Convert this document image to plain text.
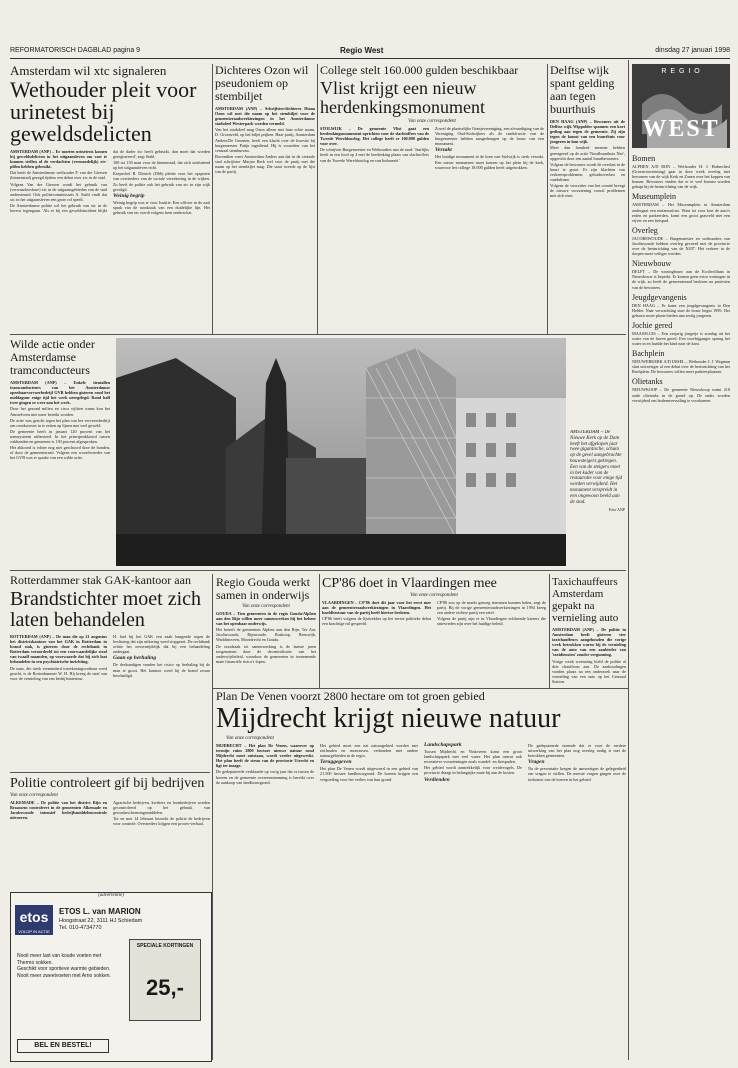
REFORMATORISCH DAGBLAD pagina 9	Regio West	dinsdag 27 januari 1998
Amsterdam wil xtc signaleren
Wethouder pleit voor urinetest bij geweldsdelicten

AMSTERDAM (ANP) – Er moeten urinetests komen bij geweldsdelicten in het uitgaansleven om vast te kunnen stellen of de verdachten (vermoedelijk) xtc-pillen hebben gebruikt.

Dat heeft de Amsterdamse wethouder F. van der Giessen (binnenstad) gezegd tijdens een debat over xtc in de stad.

Volgens Van der Giessen wordt het gebruik van (verwaarloosbare) xtc in de uitgaansgebieden van de stad ondersteund. Ook politiecommissaris A. Stahl vindt dat xtc in het uitgaansleven een grote rol speelt.

De Amsterdamse politie wil het gebruik van xtc in de horeca tegengaan. 'Als er bij een geweldsincident blijkt dat de dader xtc heeft gebruikt, dan moet dat worden geregistreerd', zegt Stahl.

100 tot 150 man voor de binnenstad, dat zich uitsluitend op het uitgaansleven richt.

Korpschef B. Dittrich (D66) pleitte voor het opsporen van overtreders van de sociale verzekering in de wijken. Zo heeft de politie ook het gebruik van xtc in zijn wijk gevolgd.

Weinig begrip

Weinig begrip was er voor Justitie. Een officier in de zaal sprak van de noodzaak van een duidelijke lijn. Het gebruik van xtc wordt volgens hem onderschat.

Dichteres Ozon wil pseudoniem op stembiljet

AMSTERDAM (ANP) – Schrijfster/dichteres Diana Ozon wil met die naam op het stembiljet voor de gemeenteraadsverkiezingen in het Amsterdamse stadsdeel Westerpark worden vermeld.

Van het stadsdeel mag Ozon alleen met haar echte naam, D. Groenveld, op het biljet prijken. Haar partij, Amsterdam Anders/De Groenen, heeft een klacht over de kwestie bij burgemeester Patijn ingediend. Hij is voorzitter van het centraal stembureau.

Bovendien voert Amsterdam Anders aan dat in de centrale stad schrijfster Marjan Berk wel voor de partij met die naam op het stembiljet mag. Die staat tweede op de lijst van de partij.

College stelt 160.000 gulden beschikbaar
Vlist krijgt een nieuw herdenkingsmonument
Van onze correspondent

STOLWIJK – De gemeente Vlist gaat een herdenkingsmonument oprichten voor de slachtoffers van de Tweede Wereldoorlog. Het college heeft er 160.000 gulden voor over.

De schrijven Burgemeester en Wethouders aan de raad: 'Jaarlijks heeft in een lood op 4 mei de herdenking plaats van slachtoffers van de Tweede Wereldoorlog en van Indonesië.'

Zowel de plaatselijke Oranjevereniging, een afvaardiging van de Vereniging Oud-Stolwijkers als de raadsfractie van de burgemeester hebben aangedrongen op de bouw van een monument.

Verzakt

Het huidige monument in de kom van Stolwijk is sterk verzakt. Een nieuw monument moet komen op het plein bij de kerk, waarvoor het college 18.000 gulden heeft uitgetrokken.

Delftse wijk spant gelding aan tegen buurthuis

DEN HAAG (ANP) – Bewoners uit de Delftse wijk Wippolder spannen een kort geding aan tegen de gemeente. Zij zijn tegen de komst van een buurthuis voor jongeren in hun wijk.

Meer dan honderd mensen hebben gereageerd op de actie 'Noodbuurthuis Nee', opgericht door een aantal buurtbewoners.

Volgens de bewoners wordt de overlast in de buurt te groot. Er zijn klachten van verkeersproblemen, geluidsoverlast en vandalisme.

Volgens de voorzitter van het comité brengt de nieuwe voorziening vooral problemen met zich mee.

Wilde actie onder Amsterdamse tramconducteurs

AMSTERDAM (ANP) – Enkele tientallen tramconducteurs van het Amsterdamse openbaarvervoerbedrijf GVB hebben gisteren rond het middaguur enige tijd het werk neergelegd. Rond half twee gingen ze weer aan het werk.

Door het gezond milieu en circa vijftien trams kon het Amstelveen niet meer bereikt worden.

De actie was gericht tegen het plan van het vervoersbedrijf om conducteurs in te zetten op lijnen met veel geweld.

De gemeente heeft in januari 120 procent van het tramsysteem uitbesteed. In het principeakkoord tussen vakbonden en gemeente is 130 procent afgesproken.

Het akkoord is echter nog niet geschoord door de bonden, of door de gemeenteraad. Volgens een woordvoerder van het GVB was er sprake van een wilde actie.

AMSTERDAM – De Nieuwe Kerk op de Dam heeft het afgelopen jaar twee gigantische, schuin op de gevel aangebrachte bouwsteigers gekregen. Een van de steigers moet in het kader van de restauratie voor enige tijd worden verwijderd. Het monument verspreidt in een ongewoon beeld aan de stad.
Foto ANP
Rotterdammer stak GAK-kantoor aan
Brandstichter moet zich laten behandelen

ROTTERDAM (ANP) – De man die op 21 augustus het districtskantoor van het GAK in Rotterdam in brand stak, is gisteren door de rechtbank in Rotterdam veroordeeld tot een voorwaardelijke straf van twaalf maanden, op voorwaarde dat hij zich laat behandelen in een psychiatrische inrichting.

De man, die sterk verminderd toerekeningsvatbaar werd geacht, is de Rotterdammer W. H. Hij kreeg de straf van voor de vernieling van een bedrijfsinterieur.

H. had bij het GAK een zaak hangende tegen de beslissing dat zijn uitkering werd stopgezet. De rechtbank achtte het onvermijdelijk dat hij een behandeling ondergaat.

Gaan op herhaling

De deskundigen vonden het risico op herhaling bij de man te groot. Het kantoor werd bij de brand zwaar beschadigd.

Regio Gouda werkt samen in onderwijs
Van onze correspondent

GOUDA – Tien gemeenten in de regio Gouda/Alphen aan den Rijn willen meer samenwerken bij het beheer van het openbaar onderwijs.

Het betreft de gemeenten Alphen aan den Rijn, Ter Aar, Jacobswoude, Rijnwoude, Boskoop, Reeuwijk, Waddinxveen, Moordrecht en Gouda.

De noodzaak tot samenwerking is de laatste jaren toegenomen door de decentralisatie van het onderwijsbeleid, waardoor de gemeenten in toenemende mate financiële risico's lopen.

CP'86 doet in Vlaardingen mee
Van onze correspondent

VLAARDINGEN – CP'86 doet dit jaar voor het eerst mee aan de gemeenteraadsverkiezingen in Vlaardingen. Het hoofdbestuur van de partij heeft hiertoe besloten.

CP'86 heeft volgens de lijsttrekker op het eerste politieke debat een krachtige rol gespeeld.

CP'86 zou op de markt genoeg stemmen kunnen halen, zegt de partij. Bij de vorige gemeenteraadsverkiezingen in 1994 kreeg een andere rechtse partij een zetel.

Volgens de partij zijn er in Vlaardingen voldoende kiezers die ontevreden zijn over het huidige beleid.

Taxichauffeurs Amsterdam gepakt na vernieling auto

AMSTERDAM (ANP) – De politie in Amsterdam heeft gisteren vier taxichauffeurs aangehouden die vorige week betrokken waren bij de vernieling van de auto van een aanbieder van 'taxidiensten' zonder vergunning.

Vorige week woensdag hield de politie al drie chauffeurs aan. De aanhoudingen vonden plaats na een onderzoek naar de vernieling van een auto op het Centraal Station.

Plan De Venen voorzt 2800 hectare om tot groen gebied
Mijdrecht krijgt nieuwe natuur
Van onze correspondent

MIJDRECHT – Het plan De Venen, waarover op termijn ruim 2800 hectare nieuwe natuur rond Mijdrecht moet ontstaan, wordt verder uitgewerkt. Het plan heeft de steun van de provincie Utrecht en ligt ter inzage.

De gedeputeerde verklaarde op vorig jaar dat er tussen de boeren en de gemeente overeenstemming is bereikt over de aankoop van landbouwgrond.

Het gebied moet een nat natuurgebied worden met rietlanden en moerassen, verbonden met andere natuurgebieden in de regio.

Teruggegeven

Het plan De Venen wordt uitgevoerd in een gebied van 21.500 hectare landbouwgrond. De boeren krijgen een vergoeding voor het verlies van hun grond.

Landschapspark

Tussen Mijdrecht en Vinkeveen komt een groot landschapspark met veel water. Het plan omvat ook recreatieve voorzieningen zoals wandel- en fietspaden.

Het gebied wordt aantrekkelijk voor weidevogels. De provincie draagt in belangrijke mate bij aan de kosten.

Verdienden

De gedeputeerde noemde dat er voor de verdere uitwerking van het plan nog overleg nodig is met de betrokken gemeenten.

Vragen

Na de presentatie kregen de aanwezigen de gelegenheid om vragen te stellen. De meeste vragen gingen over de toekomst van de boeren in het gebied.

Politie controleert gif bij bedrijven
Van onze correspondent

ALKEMADE – De politie van het district Rijn en Braassem controleert in de gemeenten Alkemade en Jacobswoude intensief bedrijfsmiddelencontrole uitvoeren.

Agrarische bedrijven, kwekers en loonbedrijven worden gecontroleerd op het gebruik van gewasbeschermingsmiddelen.

Tot en met 14 februari bezoekt de politie de bedrijven voor controle. Overtreders krijgen een proces-verbaal.

(advertentie)
etos
VOLOP IN ACTIE
ETOS L. van MARION
Hoogstraat 22, 3111 HJ Schiedam
Tel. 010-4734770
Nooit meer last van koude voeten met Thermo sokken.
Geschikt voor sportieve warmte gebieden.
Nooit meer zweetvoeten met Arno sokken.
SPECIALE KORTINGEN
25,-
BEL EN BESTEL!
R E G I O
WEST
Bomen

ALPHEN A/D RIJN – Wethouder H. J. Hubrechtsl (Groenvoorziening) gaat in deze week overleg met bewoners van de wijk Kerk en Zanen over het kappen van bomen. Bewoners vinden dat er te veel bomen worden gekapt bij de herinrichting van de wijk.

Museumplein

AMSTERDAM – Het Museumplein in Amsterdam ondergaat een metamorfose. Waar tot voor kort de auto's reden en parkeerden, komt een groot grasveld met een vijver en een fietspad.

Overleg

JACOBSWOUDE – Burgemeester en wethouders van Jacobswoude hebben overleg gevoerd met de provincie over de herinrichting van de N207. Het verkeer in de dorpen moet veiliger worden.

Nieuwbouw

DELFT – De woningbouw aan de Ecolivrillaan in Nieuwbouw is beperkt. Er komen geen extra woningen in de wijk, zo heeft de gemeenteraad besloten na protesten van de bewoners.

Jeugdgevangenis

DEN HAAG – Er komt een jeugdgevangenis in Den Helder. Naar verwachting start de bouw begin 1999. Het gebouw moet plaats bieden aan zestig jongeren.

Jochie gered

MAASSLUIS – Een zesjarig jongetje is zondag uit het water van de haven gered. Een voorbijganger sprong het water in en haalde het kind naar de kant.

Bachplein

NIEUWERKERK A/D IJSSEL – Wethouder J. J. Wegman sluit uitvoeriger af een debat over de herinrichting van het Bachplein. De bewoners willen meer parkeerplaatsen.

Olietanks

NIEUWKOOP – De gemeente Nieuwkoop ruimt 218 oude olietanks in de grond op. De tanks worden verwijderd om bodemvervuiling te voorkomen.
